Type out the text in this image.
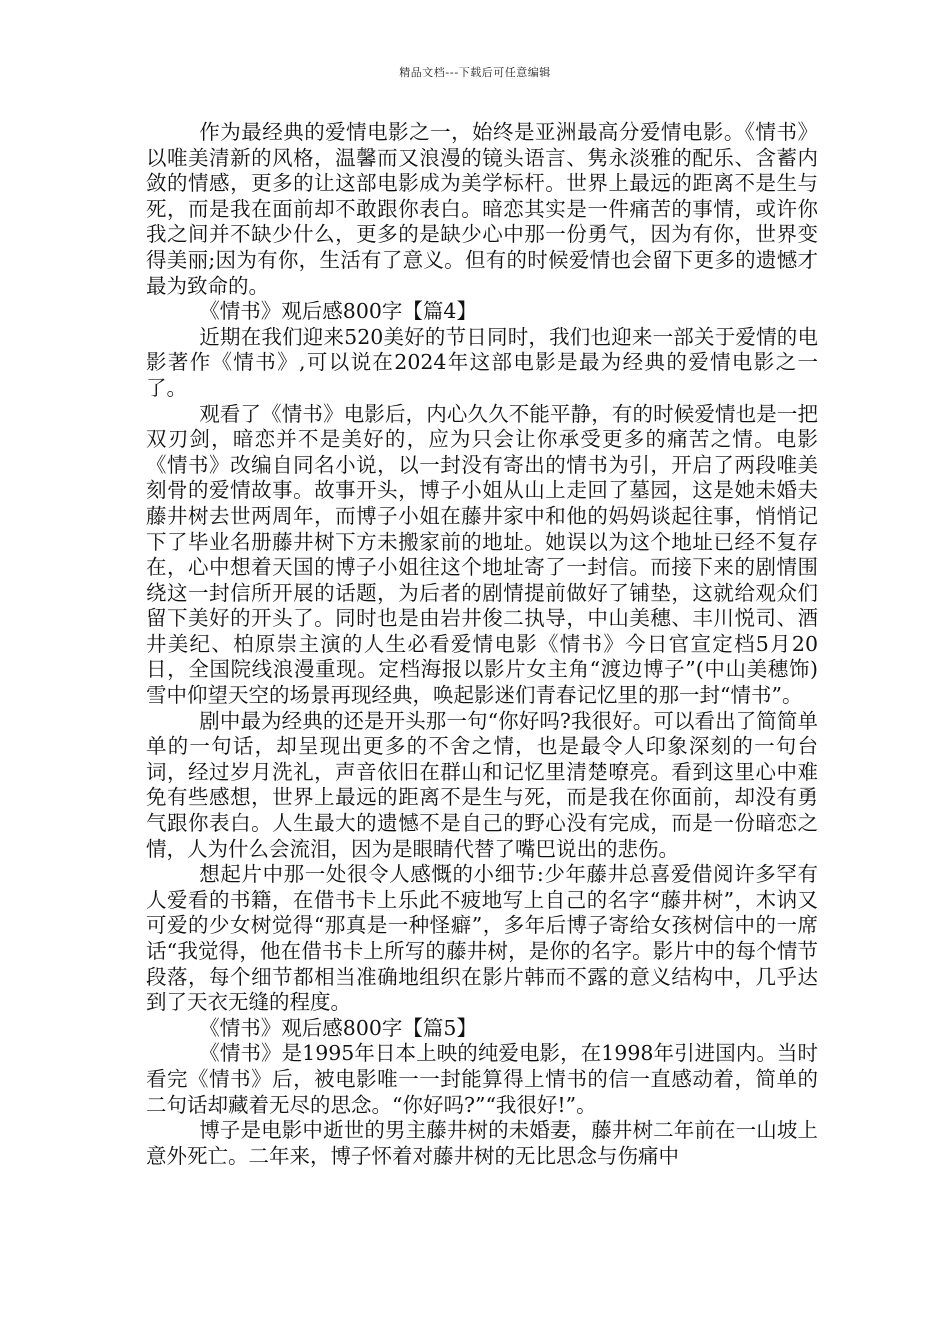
精品文档---下载后可任意编辑

作为最经典的爱情电影之一，始终是亚洲最高分爱情电影。《情书》以唯美清新的风格，温馨而又浪漫的镜头语言、隽永淡雅的配乐、含蓄内敛的情感，更多的让这部电影成为美学标杆。世界上最远的距离不是生与死，而是我在面前却不敢跟你表白。暗恋其实是一件痛苦的事情，或许你我之间并不缺少什么，更多的是缺少心中那一份勇气，因为有你，世界变得美丽;因为有你，生活有了意义。但有的时候爱情也会留下更多的遗憾才最为致命的。

《情书》观后感800字【篇4】

近期在我们迎来520美好的节日同时，我们也迎来一部关于爱情的电影著作《情书》,可以说在2024年这部电影是最为经典的爱情电影之一了。

观看了《情书》电影后，内心久久不能平静，有的时候爱情也是一把双刃剑，暗恋并不是美好的，应为只会让你承受更多的痛苦之情。电影《情书》改编自同名小说，以一封没有寄出的情书为引，开启了两段唯美刻骨的爱情故事。故事开头，博子小姐从山上走回了墓园，这是她未婚夫藤井树去世两周年，而博子小姐在藤井家中和他的妈妈谈起往事，悄悄记下了毕业名册藤井树下方未搬家前的地址。她误以为这个地址已经不复存在，心中想着天国的博子小姐往这个地址寄了一封信。而接下来的剧情围绕这一封信所开展的话题，为后者的剧情提前做好了铺垫，这就给观众们留下美好的开头了。同时也是由岩井俊二执导，中山美穗、丰川悦司、酒井美纪、柏原崇主演的人生必看爱情电影《情书》今日官宣定档5月20日，全国院线浪漫重现。定档海报以影片女主角“渡边博子”(中山美穗饰)雪中仰望天空的场景再现经典，唤起影迷们青春记忆里的那一封“情书”。

剧中最为经典的还是开头那一句“你好吗?我很好。可以看出了简简单单的一句话，却呈现出更多的不舍之情，也是最令人印象深刻的一句台词，经过岁月洗礼，声音依旧在群山和记忆里清楚嘹亮。看到这里心中难免有些感想，世界上最远的距离不是生与死，而是我在你面前，却没有勇气跟你表白。人生最大的遗憾不是自己的野心没有完成，而是一份暗恋之情，人为什么会流泪，因为是眼睛代替了嘴巴说出的悲伤。

想起片中那一处很令人感慨的小细节:少年藤井总喜爱借阅许多罕有人爱看的书籍，在借书卡上乐此不疲地写上自己的名字“藤井树”，木讷又可爱的少女树觉得“那真是一种怪癖”，多年后博子寄给女孩树信中的一席话“我觉得，他在借书卡上所写的藤井树，是你的名字。影片中的每个情节段落，每个细节都相当准确地组织在影片韩而不露的意义结构中，几乎达到了天衣无缝的程度。

《情书》观后感800字【篇5】

《情书》是1995年日本上映的纯爱电影，在1998年引进国内。当时看完《情书》后，被电影唯一一封能算得上情书的信一直感动着，简单的二句话却藏着无尽的思念。“你好吗?”“我很好!”。

博子是电影中逝世的男主藤井树的未婚妻，藤井树二年前在一山坡上意外死亡。二年来，博子怀着对藤井树的无比思念与伤痛中
